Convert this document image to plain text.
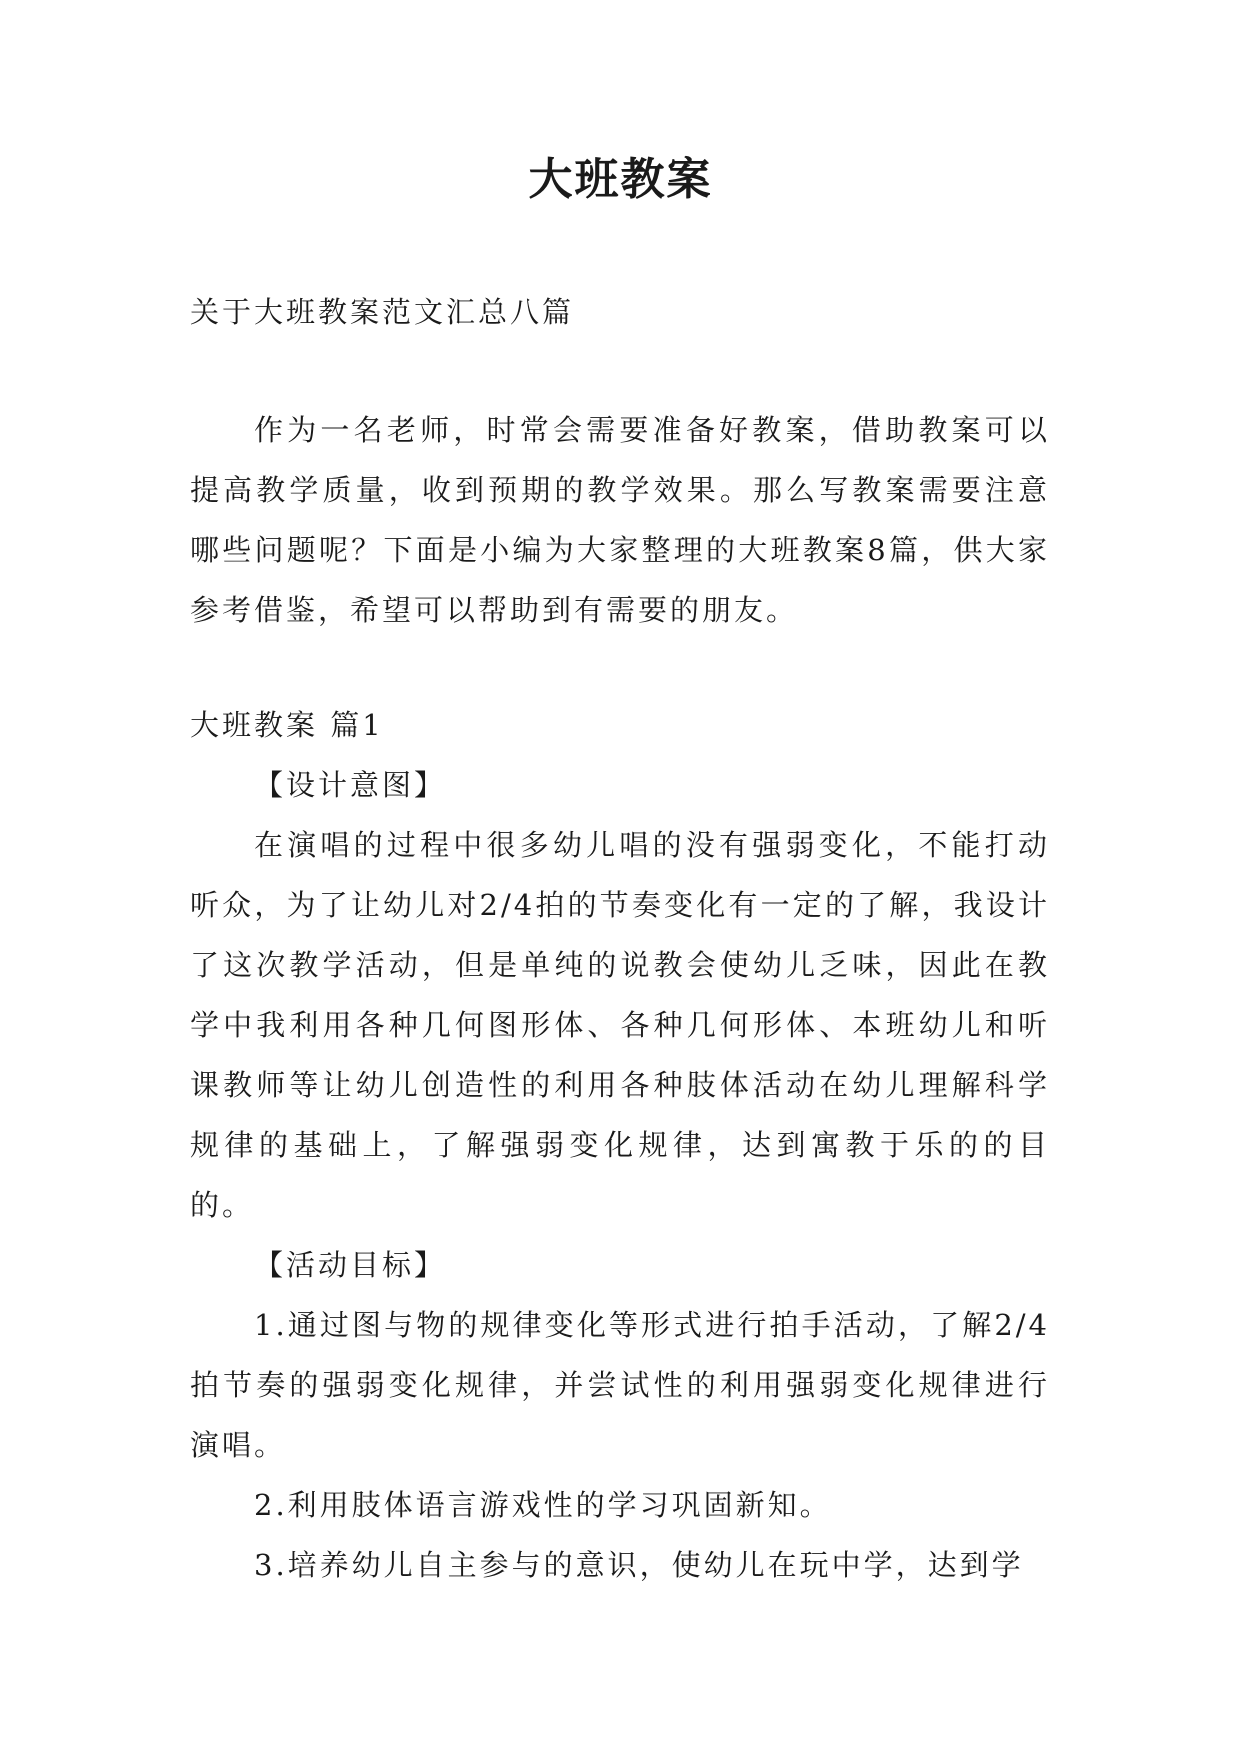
大班教案
关于大班教案范文汇总八篇

作为一名老师，时常会需要准备好教案，借助教案可以提高教学质量，收到预期的教学效果。那么写教案需要注意哪些问题呢？下面是小编为大家整理的大班教案8篇，供大家参考借鉴，希望可以帮助到有需要的朋友。

大班教案 篇1

【设计意图】

在演唱的过程中很多幼儿唱的没有强弱变化，不能打动听众，为了让幼儿对2/4拍的节奏变化有一定的了解，我设计了这次教学活动，但是单纯的说教会使幼儿乏味，因此在教学中我利用各种几何图形体、各种几何形体、本班幼儿和听课教师等让幼儿创造性的利用各种肢体活动在幼儿理解科学规律的基础上，了解强弱变化规律，达到寓教于乐的的目的。

【活动目标】

1.通过图与物的规律变化等形式进行拍手活动，了解2/4拍节奏的强弱变化规律，并尝试性的利用强弱变化规律进行演唱。

2.利用肢体语言游戏性的学习巩固新知。

3.培养幼儿自主参与的意识，使幼儿在玩中学，达到学
